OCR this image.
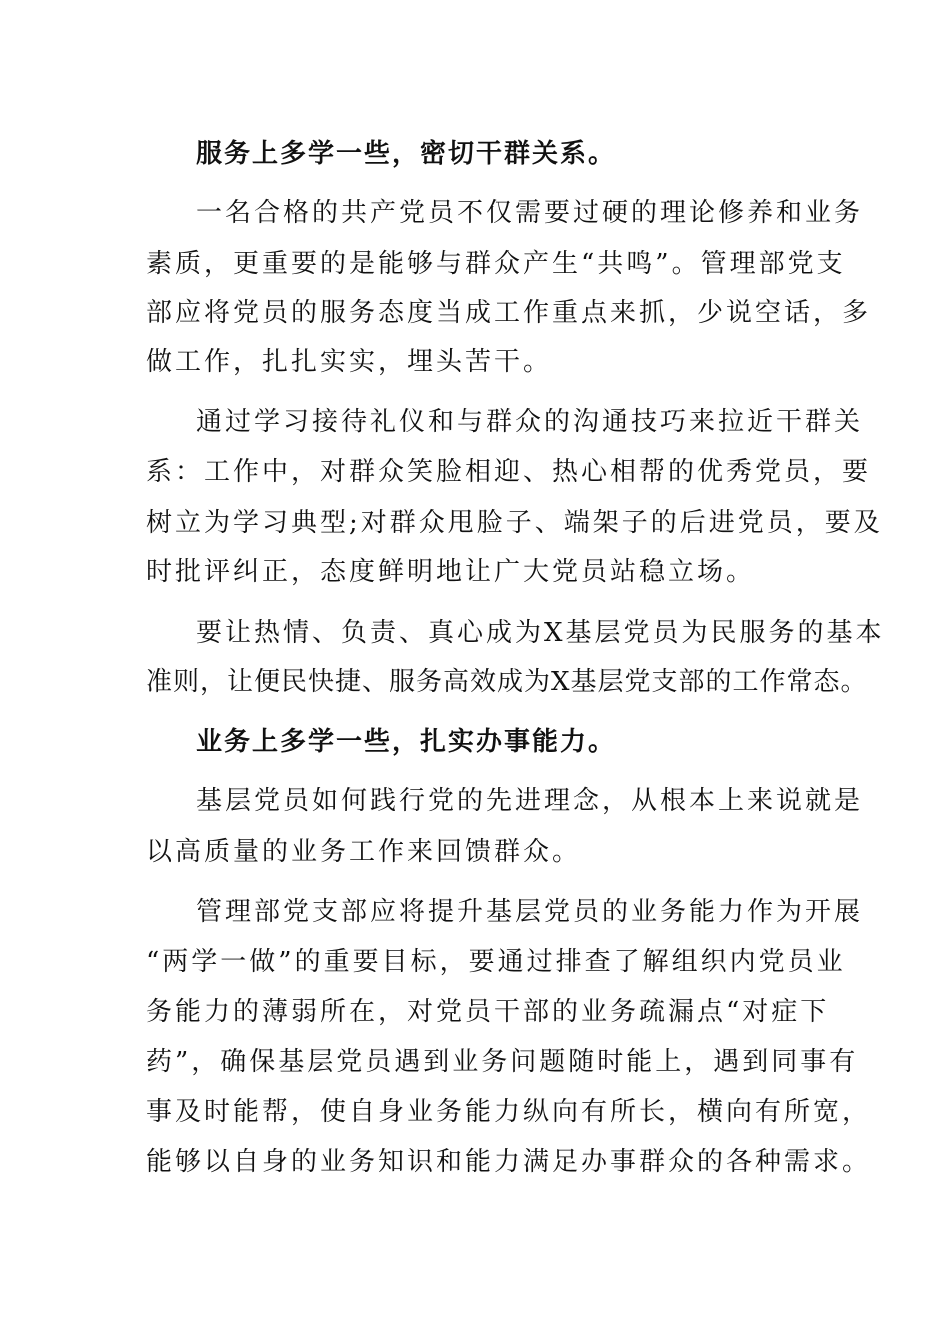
服务上多学一些，密切干群关系。

一名合格的共产党员不仅需要过硬的理论修养和业务

素质，更重要的是能够与群众产生“共鸣”。管理部党支

部应将党员的服务态度当成工作重点来抓，少说空话，多

做工作，扎扎实实，埋头苦干。

通过学习接待礼仪和与群众的沟通技巧来拉近干群关

系：工作中，对群众笑脸相迎、热心相帮的优秀党员，要

树立为学习典型;对群众甩脸子、端架子的后进党员，要及

时批评纠正，态度鲜明地让广大党员站稳立场。

要让热情、负责、真心成为X基层党员为民服务的基本

准则，让便民快捷、服务高效成为X基层党支部的工作常态。

业务上多学一些，扎实办事能力。

基层党员如何践行党的先进理念，从根本上来说就是

以高质量的业务工作来回馈群众。

管理部党支部应将提升基层党员的业务能力作为开展

“两学一做”的重要目标，要通过排查了解组织内党员业

务能力的薄弱所在，对党员干部的业务疏漏点“对症下

药”，确保基层党员遇到业务问题随时能上，遇到同事有

事及时能帮，使自身业务能力纵向有所长，横向有所宽，

能够以自身的业务知识和能力满足办事群众的各种需求。
